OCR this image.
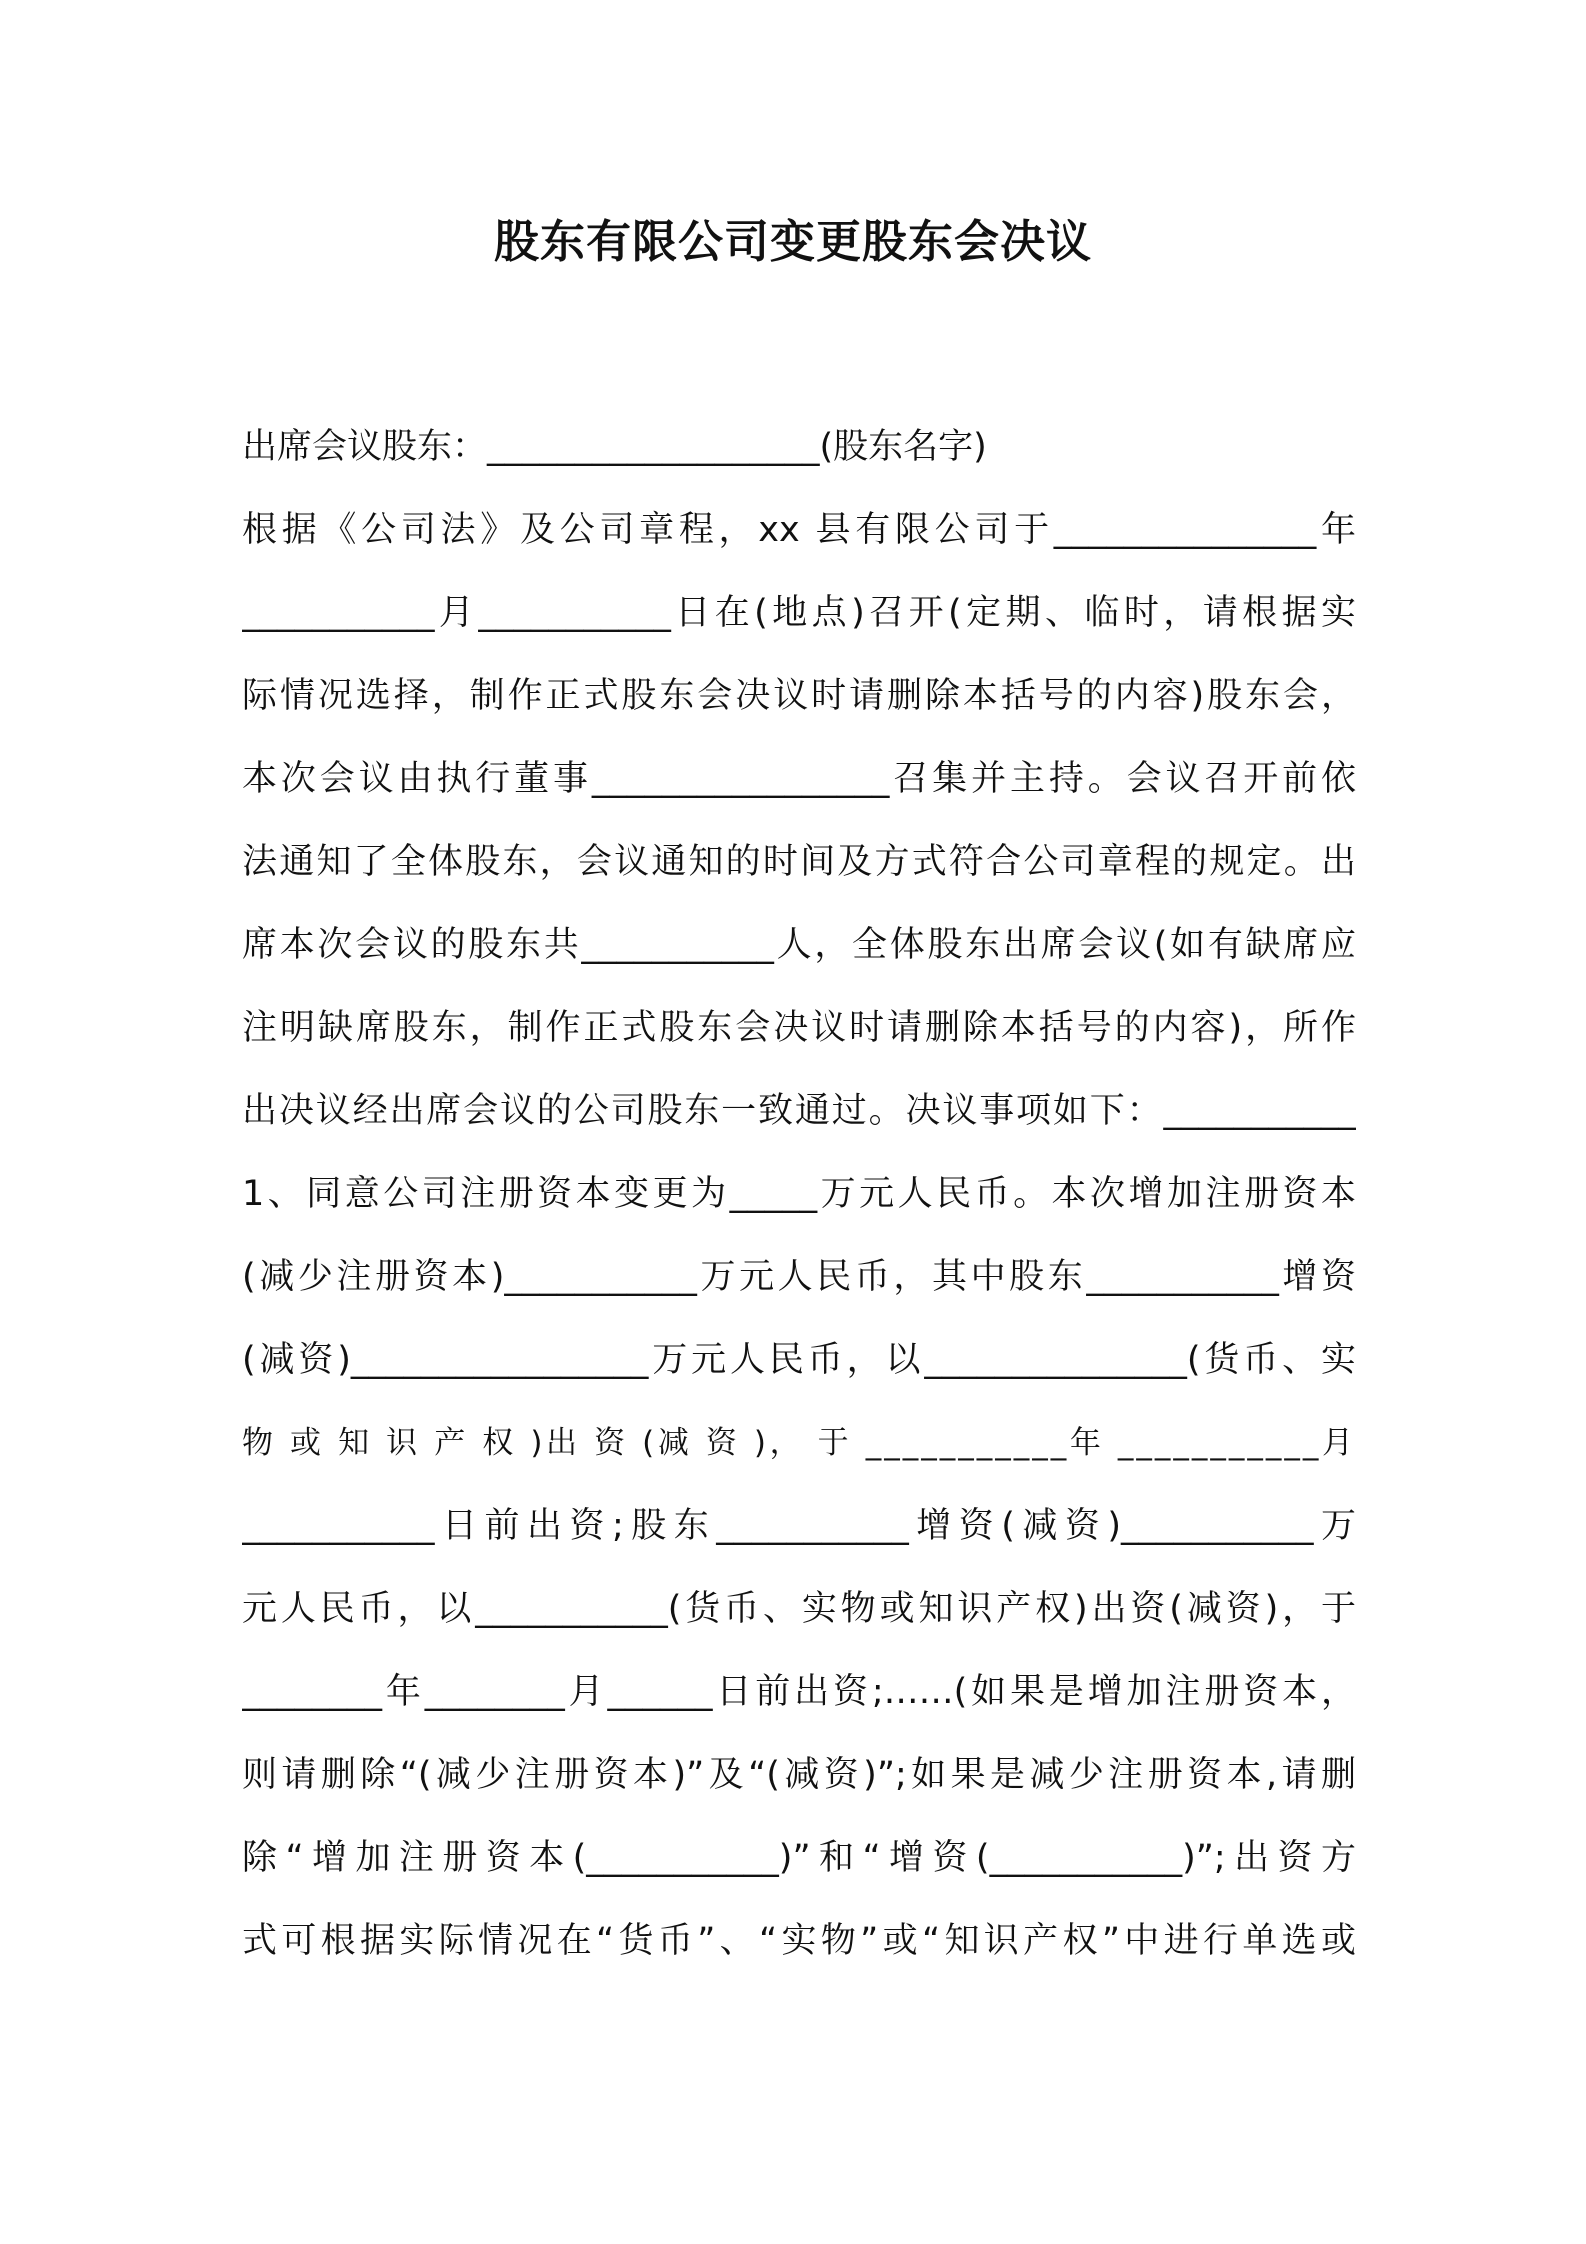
股东有限公司变更股东会决议
出席会议股东：___________________(股东名字)
根据《公司法》及公司章程，xx 县有限公司于_______________年
___________月___________日在(地点)召开(定期、临时，请根据实
际情况选择，制作正式股东会决议时请删除本括号的内容)股东会，
本次会议由执行董事_________________召集并主持。会议召开前依
法通知了全体股东，会议通知的时间及方式符合公司章程的规定。出
席本次会议的股东共___________人，全体股东出席会议(如有缺席应
注明缺席股东，制作正式股东会决议时请删除本括号的内容)，所作
出决议经出席会议的公司股东一致通过。决议事项如下：___________
1、同意公司注册资本变更为_____万元人民币。本次增加注册资本
(减少注册资本)___________万元人民币，其中股东___________增资
(减资)_________________万元人民币，以_______________(货币、实
物 或 知 识 产 权 )出 资 (减 资 )， 于 ___________年 ___________月
___________日前出资;股东___________增资(减资)___________万
元人民币，以___________(货币、实物或知识产权)出资(减资)，于
________年________月______日前出资;……(如果是增加注册资本，
则请删除“(减少注册资本)”及“(减资)”;如果是减少注册资本,请删
除“增加注册资本(___________)”和“增资(___________)”;出资方
式可根据实际情况在“货币”、“实物”或“知识产权”中进行单选或
